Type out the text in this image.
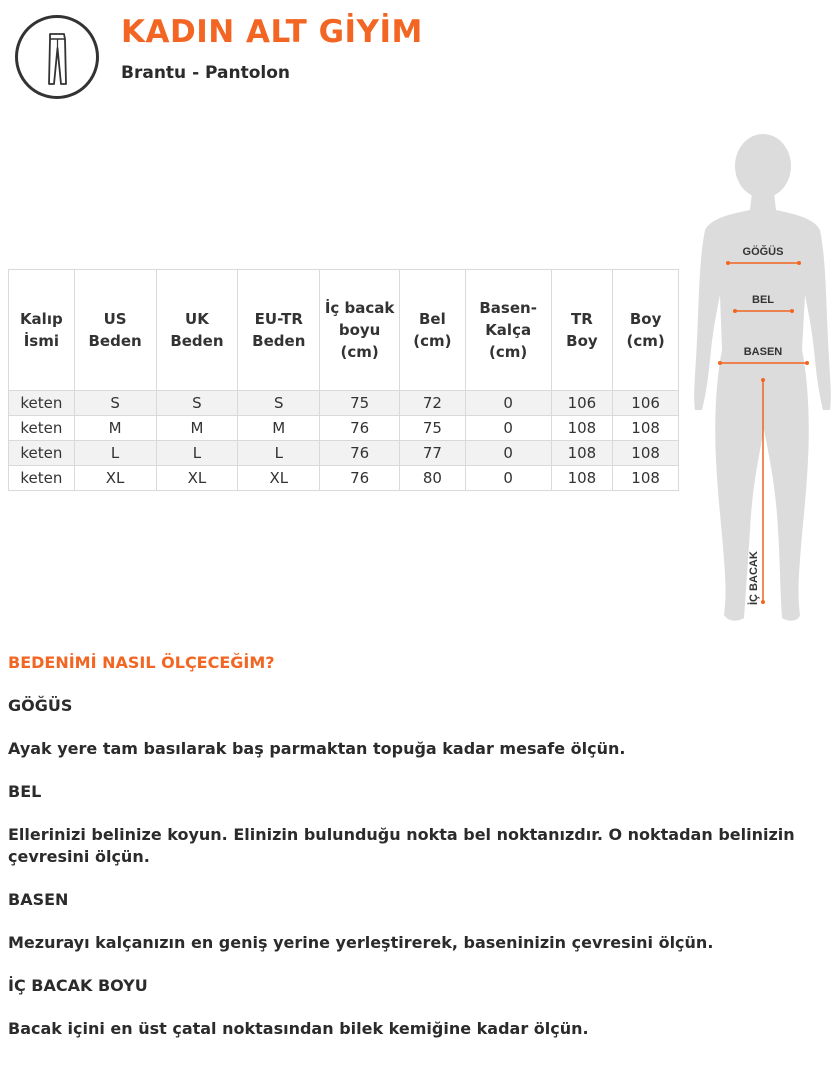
KADIN ALT GİYİM
Brantu - Pantolon
Kalıp İsmi	US Beden	UK Beden	EU-TR Beden	İç bacak boyu (cm)	Bel (cm)	Basen-Kalça (cm)	TR Boy	Boy (cm)
keten	S	S	S	75	72	0	106	106
keten	M	M	M	76	75	0	108	108
keten	L	L	L	76	77	0	108	108
keten	XL	XL	XL	76	80	0	108	108
GÖĞÜS
BEL
BASEN
İÇ BACAK

BEDENİMİ NASIL ÖLÇECEĞİM?

GÖĞÜS

Ayak yere tam basılarak baş parmaktan topuğa kadar mesafe ölçün.

BEL

Ellerinizi belinize koyun. Elinizin bulunduğu nokta bel noktanızdır. O noktadan belinizin çevresini ölçün.

BASEN

Mezurayı kalçanızın en geniş yerine yerleştirerek, baseninizin çevresini ölçün.

İÇ BACAK BOYU

Bacak içini en üst çatal noktasından bilek kemiğine kadar ölçün.
